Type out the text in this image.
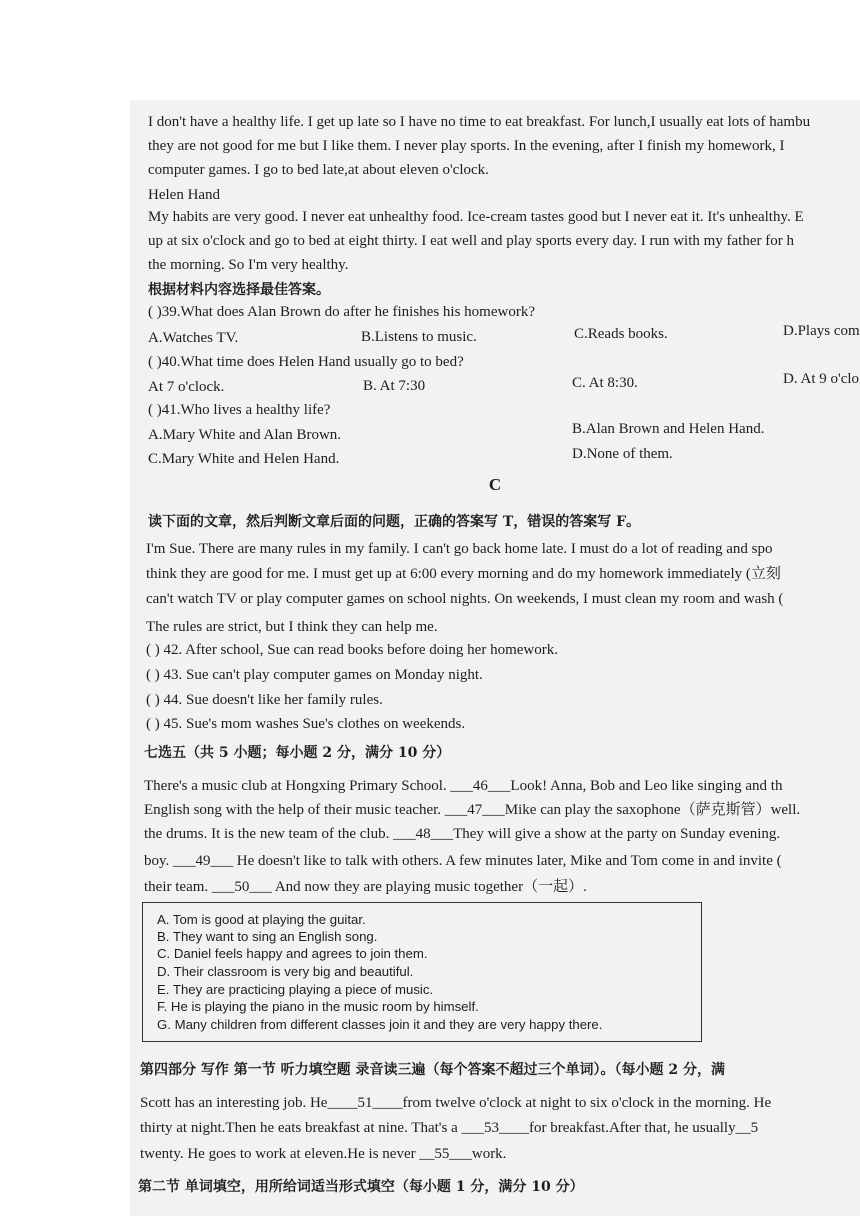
I don't have a healthy life. I get up late so I have no time to eat breakfast. For lunch,I usually eat lots of hambu
they are not good for me but I like them. I never play sports. In the evening, after I finish my homework, I
computer games. I go to bed late,at about eleven o'clock.
Helen Hand
My habits are very good. I never eat unhealthy food. Ice-cream tastes good but I never eat it. It's unhealthy. E
up at six o'clock and go to bed at eight thirty. I eat well and play sports every day. I run with my father for h
the morning. So I'm very healthy.
根据材料内容选择最佳答案。
( )39.What does Alan Brown do after he finishes his homework?
A.Watches TV.	B.Listens to music.	C.Reads books.	D.Plays com
( )40.What time does Helen Hand usually go to bed?
At 7 o'clock.	B. At 7:30	C. At 8:30.	D. At 9 o'clo
( )41.Who lives a healthy life?
A.Mary White and Alan Brown.	B.Alan Brown and Helen Hand.
C.Mary White and Helen Hand.	D.None of them.
C
读下面的文章，然后判断文章后面的问题，正确的答案写 T，错误的答案写 F。
I'm Sue. There are many rules in my family. I can't go back home late. I must do a lot of reading and spo
think they are good for me. I must get up at 6:00 every morning and do my homework immediately (立刻
can't watch TV or play computer games on school nights. On weekends, I must clean my room and wash (
The rules are strict, but I think they can help me.
( ) 42. After school, Sue can read books before doing her homework.
( ) 43. Sue can't play computer games on Monday night.
( ) 44. Sue doesn't like her family rules.
( ) 45. Sue's mom washes Sue's clothes on weekends.
七选五（共 5 小题；每小题 2 分，满分 10 分）
There's a music club at Hongxing Primary School. ___46___Look! Anna, Bob and Leo like singing and th
English song with the help of their music teacher. ___47___Mike can play the saxophone（萨克斯管）well.
the drums. It is the new team of the club. ___48___They will give a show at the party on Sunday evening.
boy. ___49___ He doesn't like to talk with others. A few minutes later, Mike and Tom come in and invite (
their team. ___50___ And now they are playing music together（一起）.
A. Tom is good at playing the guitar.
B. They want to sing an English song.
C. Daniel feels happy and agrees to join them.
D. Their classroom is very big and beautiful.
E. They are practicing playing a piece of music.
F. He is playing the piano in the music room by himself.
G. Many children from different classes join it and they are very happy there.
第四部分 写作 第一节 听力填空题 录音读三遍（每个答案不超过三个单词）。（每小题 2 分，满
Scott has an interesting job. He____51____from twelve o'clock at night to six o'clock in the morning. He
thirty at night.Then he eats breakfast at nine. That's a ___53____for breakfast.After that, he usually__5
twenty. He goes to work at eleven.He is never __55___work.
第二节 单词填空，用所给词适当形式填空（每小题 1 分，满分 10 分）
